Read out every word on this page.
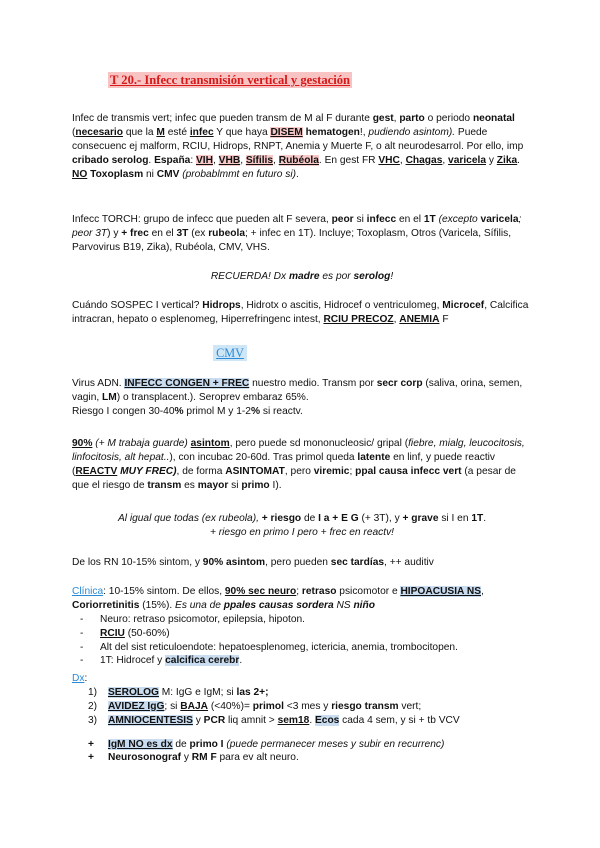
T 20.- Infecc transmisión vertical y gestación

Infec de transmis vert; infec que pueden transm de M al F durante gest, parto o periodo neonatal (necesario que la M esté infec Y que haya DISEM hematogen!, pudiendo asintom). Puede consecuenc ej malform, RCIU, Hidrops, RNPT, Anemia y Muerte F, o alt neurodesarrol. Por ello, imp cribado serolog. España: VIH, VHB, Sífilis, Rubéola. En gest FR VHC, Chagas, varicela y Zika. NO Toxoplasm ni CMV (probablmmt en futuro si).

Infecc TORCH: grupo de infecc que pueden alt F severa, peor si infecc en el 1T (excepto varicela; peor 3T) y + frec en el 3T (ex rubeola; + infec en 1T). Incluye; Toxoplasm, Otros (Varicela, Sífilis, Parvovirus B19, Zika), Rubéola, CMV, VHS.

RECUERDA! Dx madre es por serolog!

Cuándo SOSPEC I vertical? Hidrops, Hidrotx o ascitis, Hidrocef o ventriculomeg, Microcef, Calcifica intracran, hepato o esplenomeg, Hiperrefringenc intest, RCIU PRECOZ, ANEMIA F

CMV

Virus ADN. INFECC CONGEN + FREC nuestro medio. Transm por secr corp (saliva, orina, semen, vagin, LM) o transplacent.). Seroprev embaraz 65%.
Riesgo I congen 30-40% primol M y 1-2% si reactv.

90% (+ M trabaja guarde) asintom, pero puede sd mononucleosic/ gripal (fiebre, mialg, leucocitosis, linfocitosis, alt hepat..), con incubac 20-60d. Tras primol queda latente en linf, y puede reactiv (REACTV MUY FREC), de forma ASINTOMAT, pero viremic; ppal causa infecc vert (a pesar de que el riesgo de transm es mayor si primo I).

Al igual que todas (ex rubeola), + riesgo de I a + E G (+ 3T), y + grave si I en 1T.
+ riesgo en primo I pero + frec en reactv!

De los RN 10-15% sintom, y 90% asintom, pero pueden sec tardías, ++ auditiv

Clínica: 10-15% sintom. De ellos, 90% sec neuro; retraso psicomotor e HIPOACUSIA NS, Coriorretinitis (15%). Es una de ppales causas sordera NS niño

- Neuro: retraso psicomotor, epilepsia, hipoton.
- RCIU (50-60%)
- Alt del sist reticuloendote: hepatoesplenomeg, ictericia, anemia, trombocitopen.
- 1T: Hidrocef y calcifica cerebr.

Dx:

1) SEROLOG M: IgG e IgM; si las 2+;
2) AVIDEZ IgG; si BAJA (<40%)= primol <3 mes y riesgo transm vert;
3) AMNIOCENTESIS y PCR liq amnit > sem18. Ecos cada 4 sem, y si + tb VCV
+ IgM NO es dx de primo I (puede permanecer meses y subir en recurrenc)
+ Neurosonograf y RM F para ev alt neuro.
